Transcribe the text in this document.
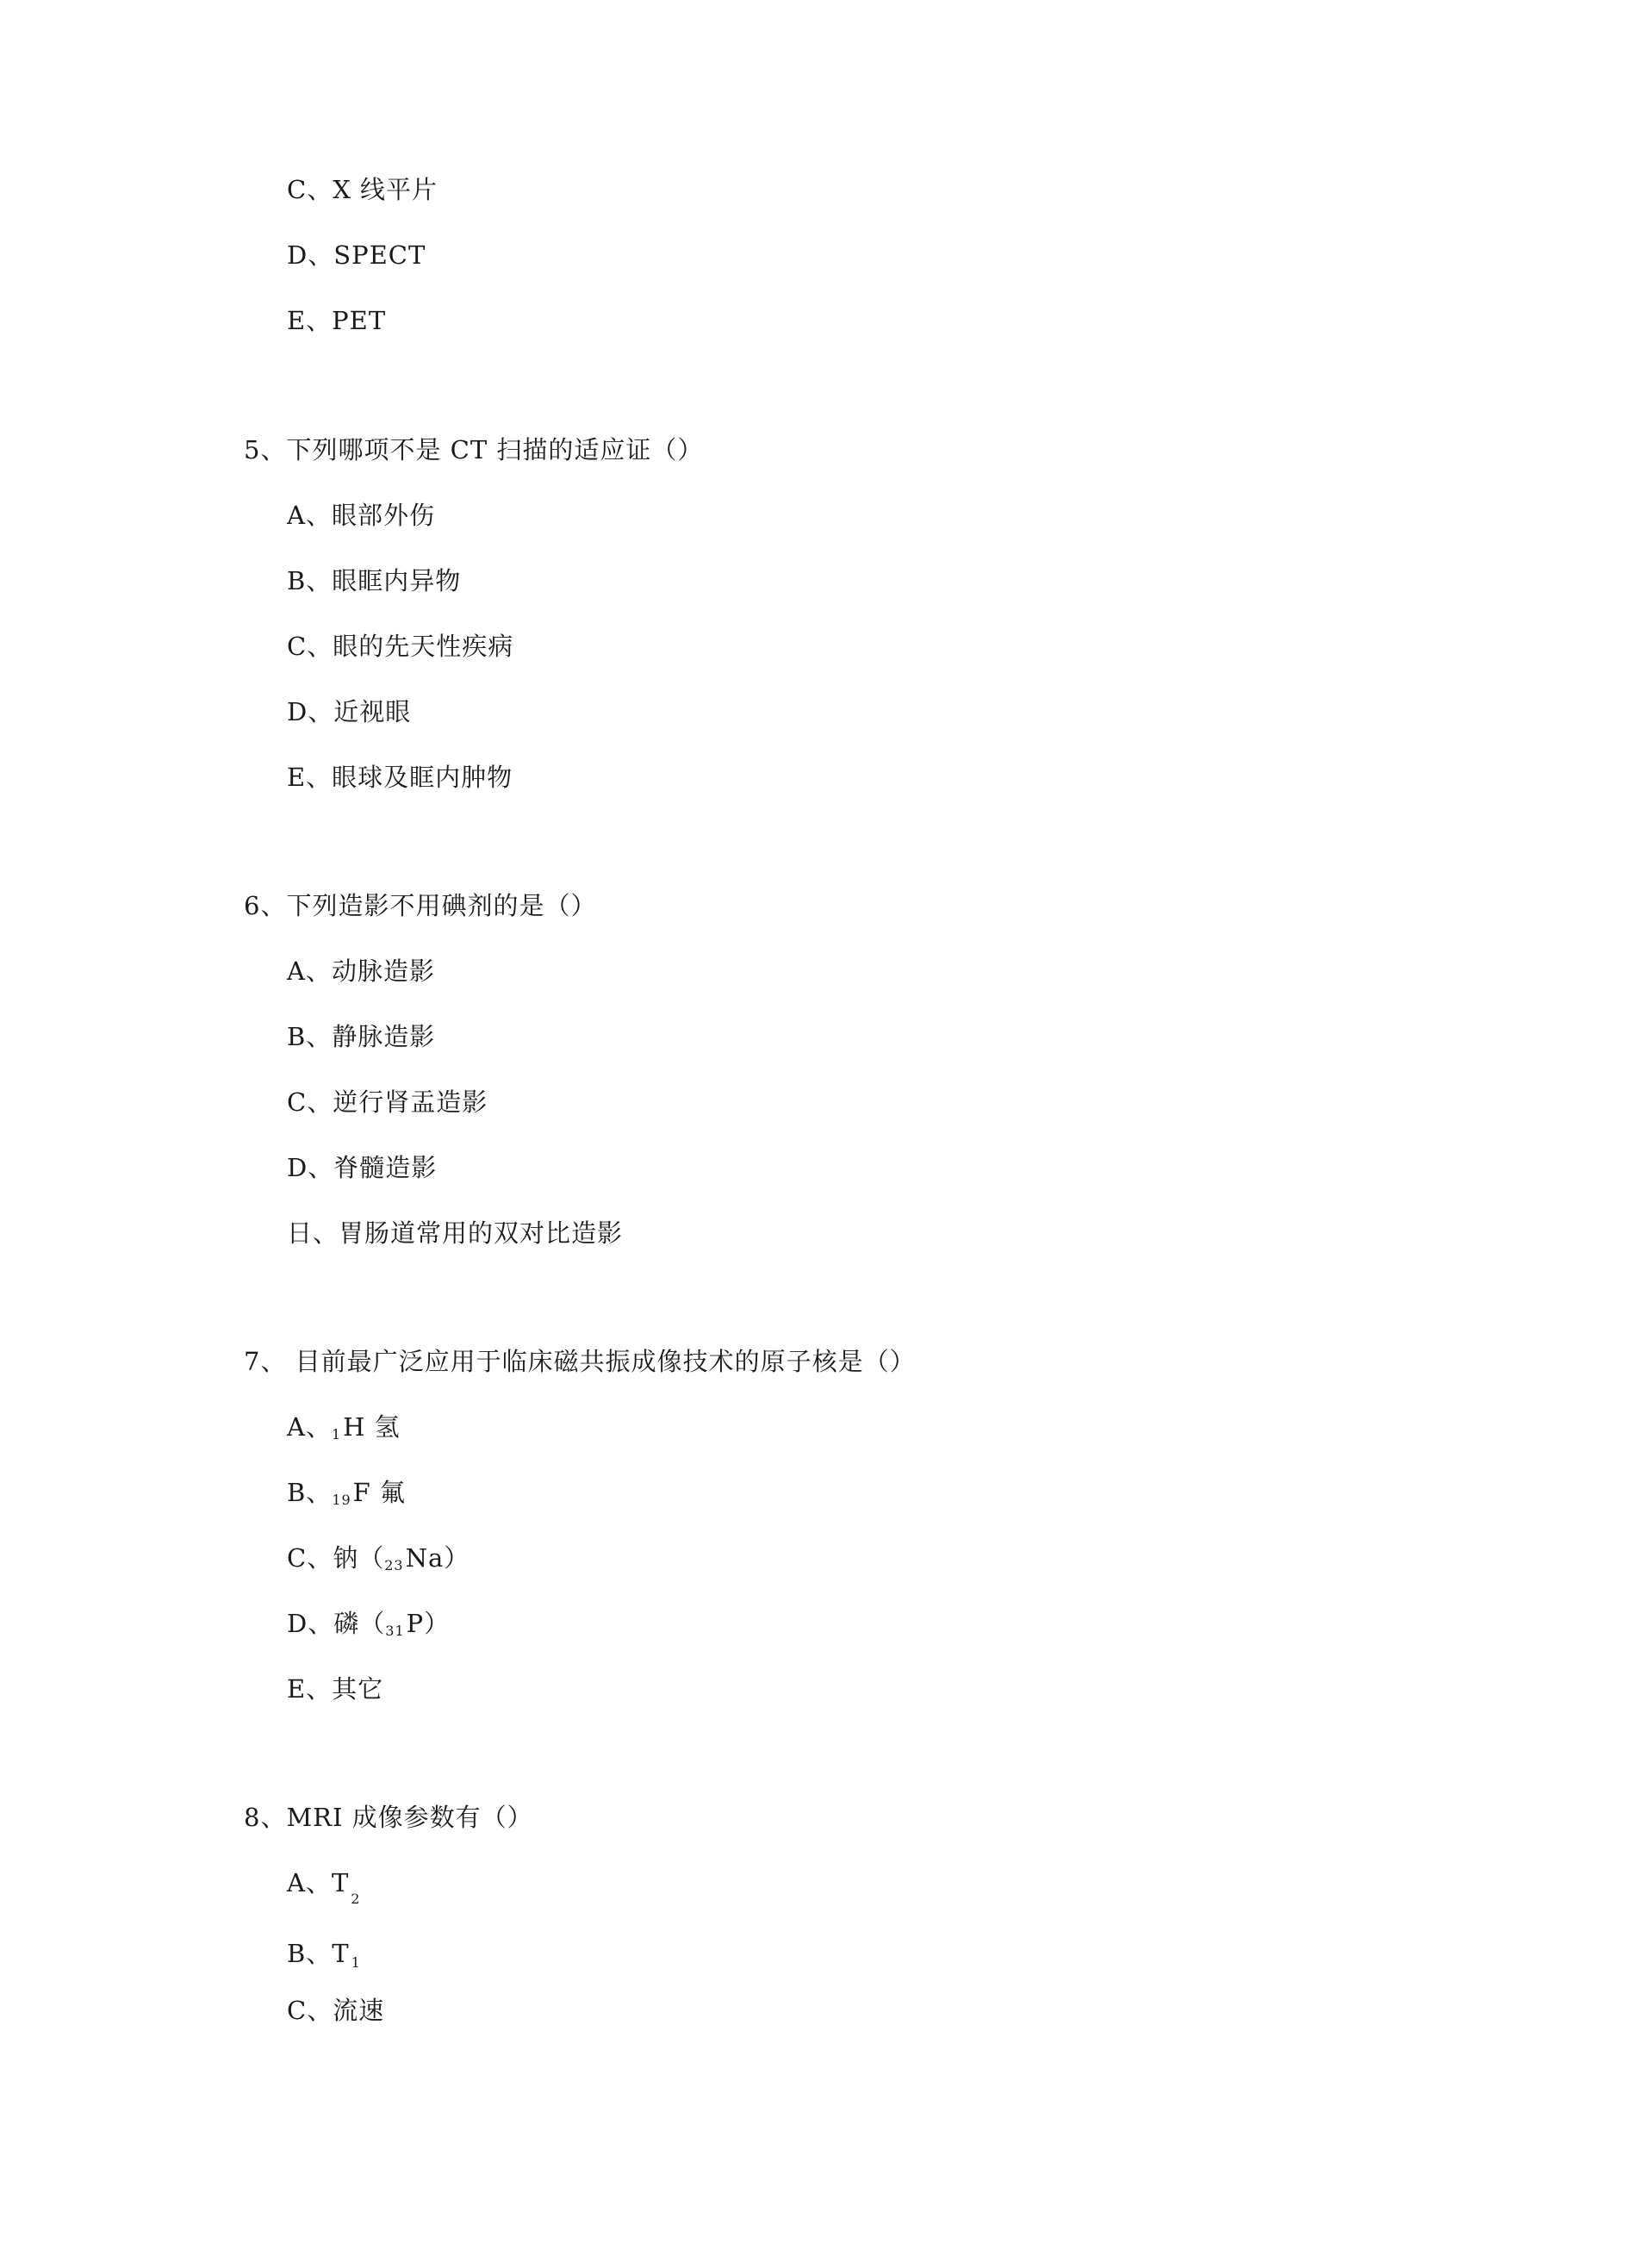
C、X 线平片
D、SPECT
E、PET
5、下列哪项不是 CT 扫描的适应证（）
A、眼部外伤
B、眼眶内异物
C、眼的先天性疾病
D、近视眼
E、眼球及眶内肿物
6、下列造影不用碘剂的是（）
A、动脉造影
B、静脉造影
C、逆行肾盂造影
D、脊髓造影
日、胃肠道常用的双对比造影
7、 目前最广泛应用于临床磁共振成像技术的原子核是（）
A、1H 氢
B、19F 氟
C、钠（23Na）
D、磷（31P）
E、其它
8、MRI 成像参数有（）
A、$T_2$
B、T $_1$
C、流速
